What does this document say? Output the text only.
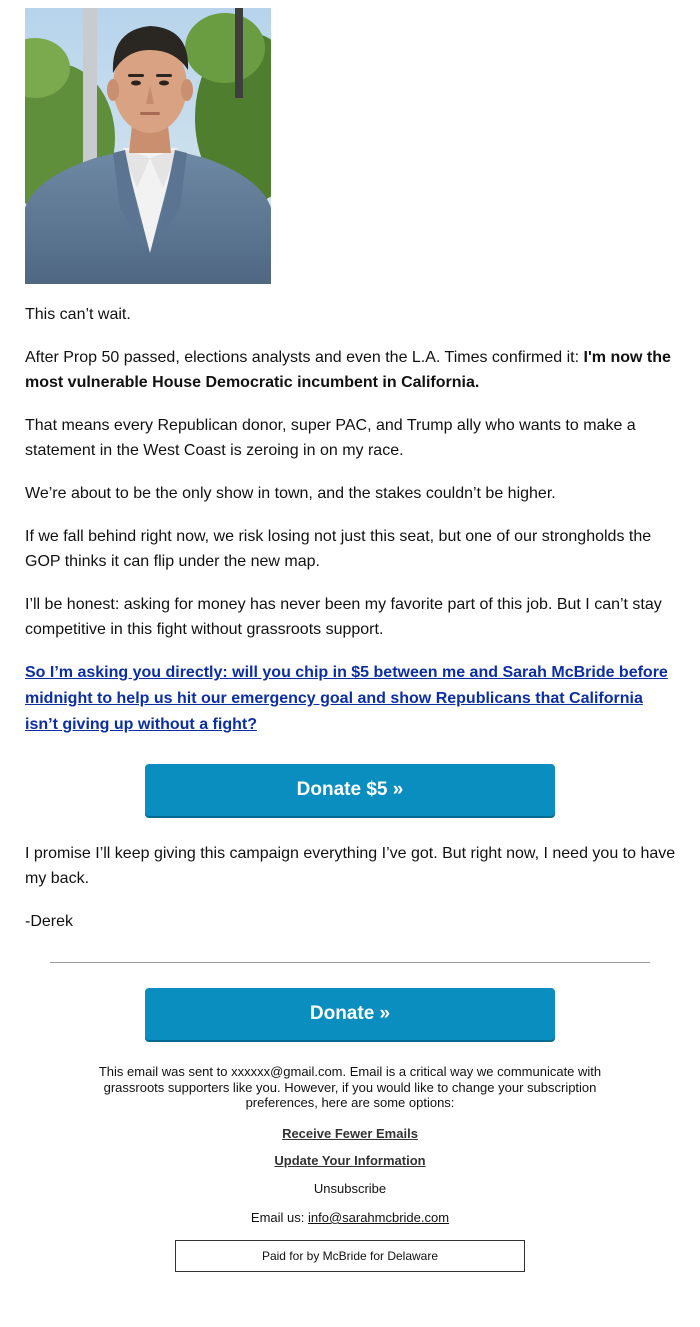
This can’t wait.

After Prop 50 passed, elections analysts and even the L.A. Times confirmed it: I'm now the most vulnerable House Democratic incumbent in California.

That means every Republican donor, super PAC, and Trump ally who wants to make a statement in the West Coast is zeroing in on my race.

We’re about to be the only show in town, and the stakes couldn’t be higher.

If we fall behind right now, we risk losing not just this seat, but one of our strongholds the GOP thinks it can flip under the new map.

I’ll be honest: asking for money has never been my favorite part of this job. But I can’t stay competitive in this fight without grassroots support.

So I’m asking you directly: will you chip in $5 between me and Sarah McBride before midnight to help us hit our emergency goal and show Republicans that California isn’t giving up without a fight?

Donate $5 »

I promise I’ll keep giving this campaign everything I’ve got. But right now, I need you to have my back.

-Derek

Donate »
This email was sent to xxxxxx@gmail.com. Email is a critical way we communicate with grassroots supporters like you. However, if you would like to change your subscription preferences, here are some options:
Receive Fewer Emails
Update Your Information
Unsubscribe
Email us: info@sarahmcbride.com
Paid for by McBride for Delaware
